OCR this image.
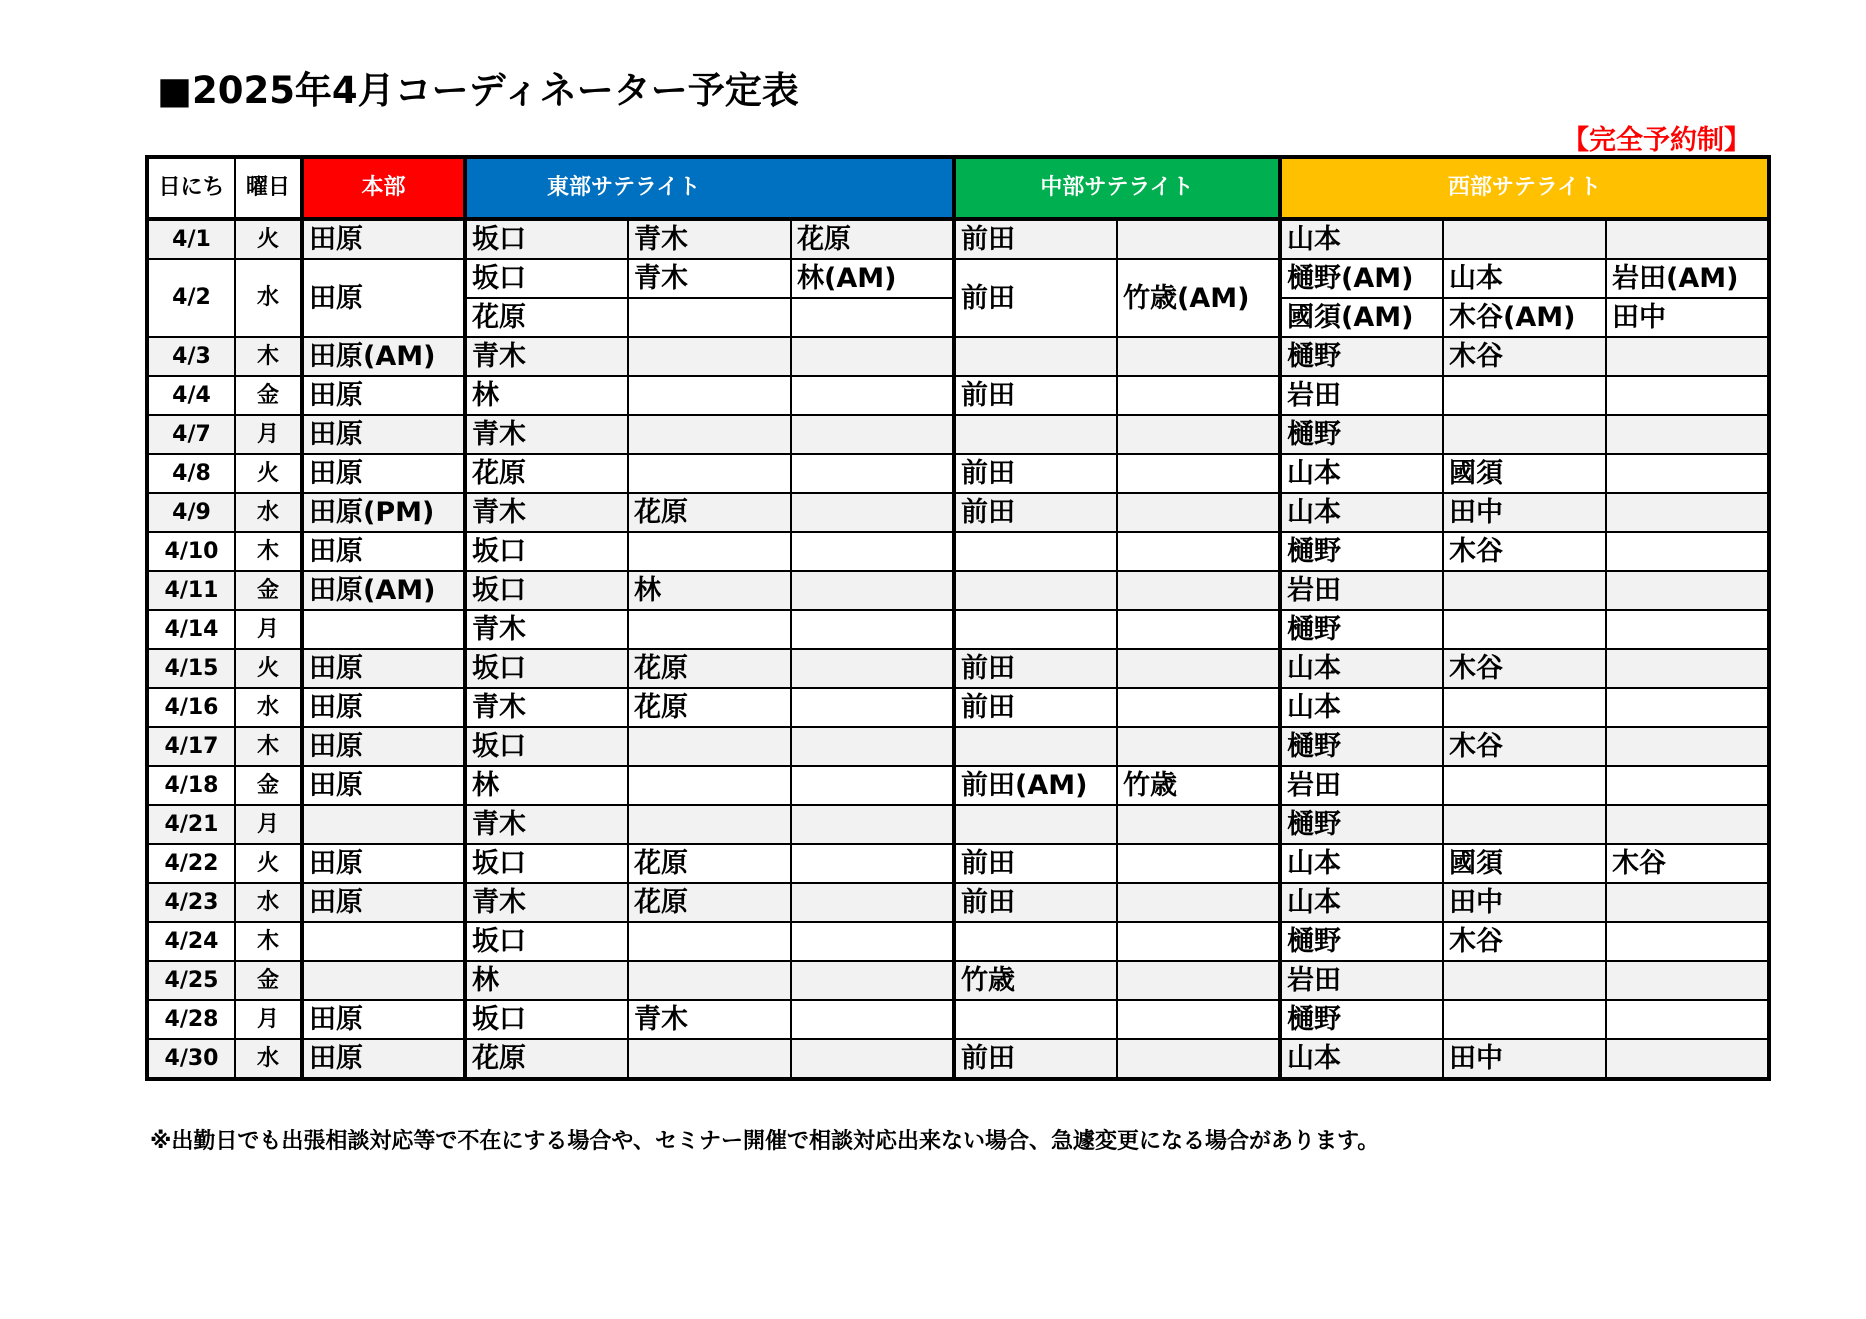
■2025年4月コーディネーター予定表
【完全予約制】
日にち	曜日	本部	東部サテライト			中部サテライト		西部サテライト		
4/1	火	田原	坂口	青木	花原	前田		山本		
4/2	水	田原	坂口	青木	林(AM)	前田	竹歳(AM)	樋野(AM)	山本	岩田(AM)
			花原					國須(AM)	木谷(AM)	田中
4/3	木	田原(AM)	青木					樋野	木谷	
4/4	金	田原	林			前田		岩田		
4/7	月	田原	青木					樋野		
4/8	火	田原	花原			前田		山本	國須	
4/9	水	田原(PM)	青木	花原		前田		山本	田中	
4/10	木	田原	坂口					樋野	木谷	
4/11	金	田原(AM)	坂口	林				岩田		
4/14	月		青木					樋野		
4/15	火	田原	坂口	花原		前田		山本	木谷	
4/16	水	田原	青木	花原		前田		山本		
4/17	木	田原	坂口					樋野	木谷	
4/18	金	田原	林			前田(AM)	竹歳	岩田		
4/21	月		青木					樋野		
4/22	火	田原	坂口	花原		前田		山本	國須	木谷
4/23	水	田原	青木	花原		前田		山本	田中	
4/24	木		坂口					樋野	木谷	
4/25	金		林			竹歳		岩田		
4/28	月	田原	坂口	青木				樋野		
4/30	水	田原	花原			前田		山本	田中	
※出勤日でも出張相談対応等で不在にする場合や、セミナー開催で相談対応出来ない場合、急遽変更になる場合があります。
